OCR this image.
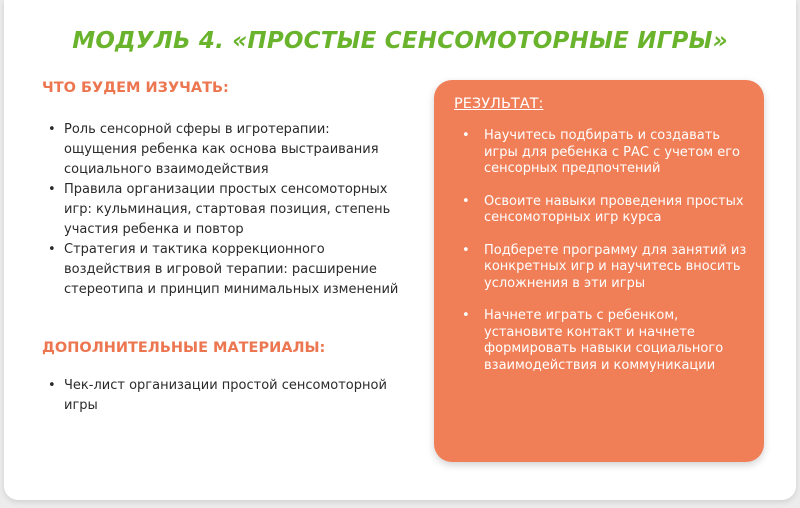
МОДУЛЬ 4. «ПРОСТЫЕ СЕНСОМОТОРНЫЕ ИГРЫ»
ЧТО БУДЕМ ИЗУЧАТЬ:
• Роль сенсорной сферы в игротерапии: ощущения ребенка как основа выстраивания социального взаимодействия
• Правила организации простых сенсомоторных игр: кульминация, стартовая позиция, степень участия ребенка и повтор
• Стратегия и тактика коррекционного воздействия в игровой терапии: расширение стереотипа и принцип минимальных изменений
ДОПОЛНИТЕЛЬНЫЕ МАТЕРИАЛЫ:
• Чек-лист организации простой сенсомоторной игры
РЕЗУЛЬТАТ:
• Научитесь подбирать и создавать игры для ребенка с РАС с учетом его сенсорных предпочтений
• Освоите навыки проведения простых сенсомоторных игр курса
• Подберете программу для занятий из конкретных игр и научитесь вносить усложнения в эти игры
• Начнете играть с ребенком, установите контакт и начнете формировать навыки социального взаимодействия и коммуникации
